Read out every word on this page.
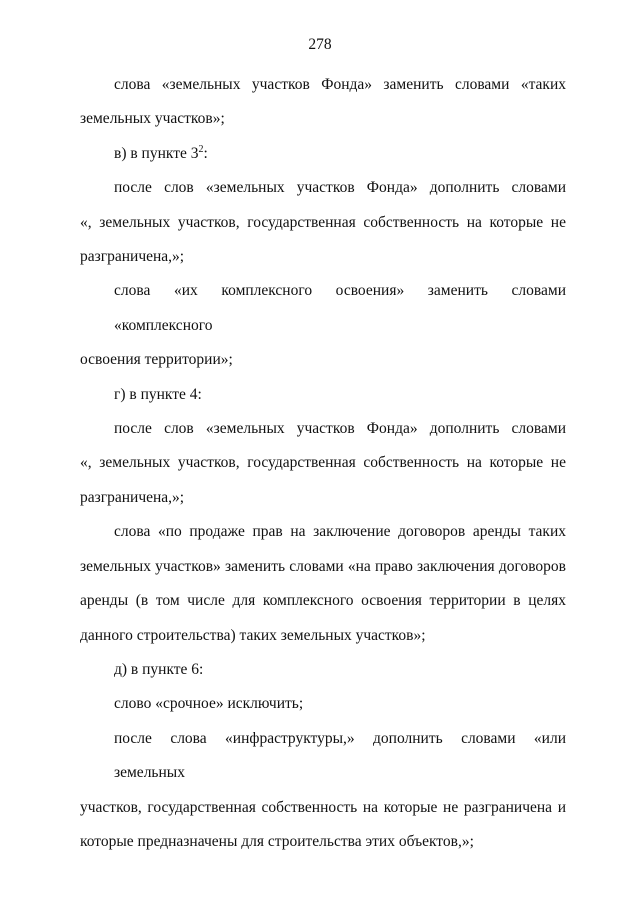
278
слова «земельных участков Фонда» заменить словами «таких
земельных участков»;
в) в пункте $3^2$:
после слов «земельных участков Фонда» дополнить словами
«, земельных участков, государственная собственность на которые не
разграничена,»;
слова «их комплексного освоения» заменить словами «комплексного
освоения территории»;
г) в пункте 4:
после слов «земельных участков Фонда» дополнить словами
«, земельных участков, государственная собственность на которые не
разграничена,»;
слова «по продаже прав на заключение договоров аренды таких
земельных участков» заменить словами «на право заключения договоров
аренды (в том числе для комплексного освоения территории в целях
данного строительства) таких земельных участков»;
д) в пункте 6:
слово «срочное» исключить;
после слова «инфраструктуры,» дополнить словами «или земельных
участков, государственная собственность на которые не разграничена и
которые предназначены для строительства этих объектов,»;
